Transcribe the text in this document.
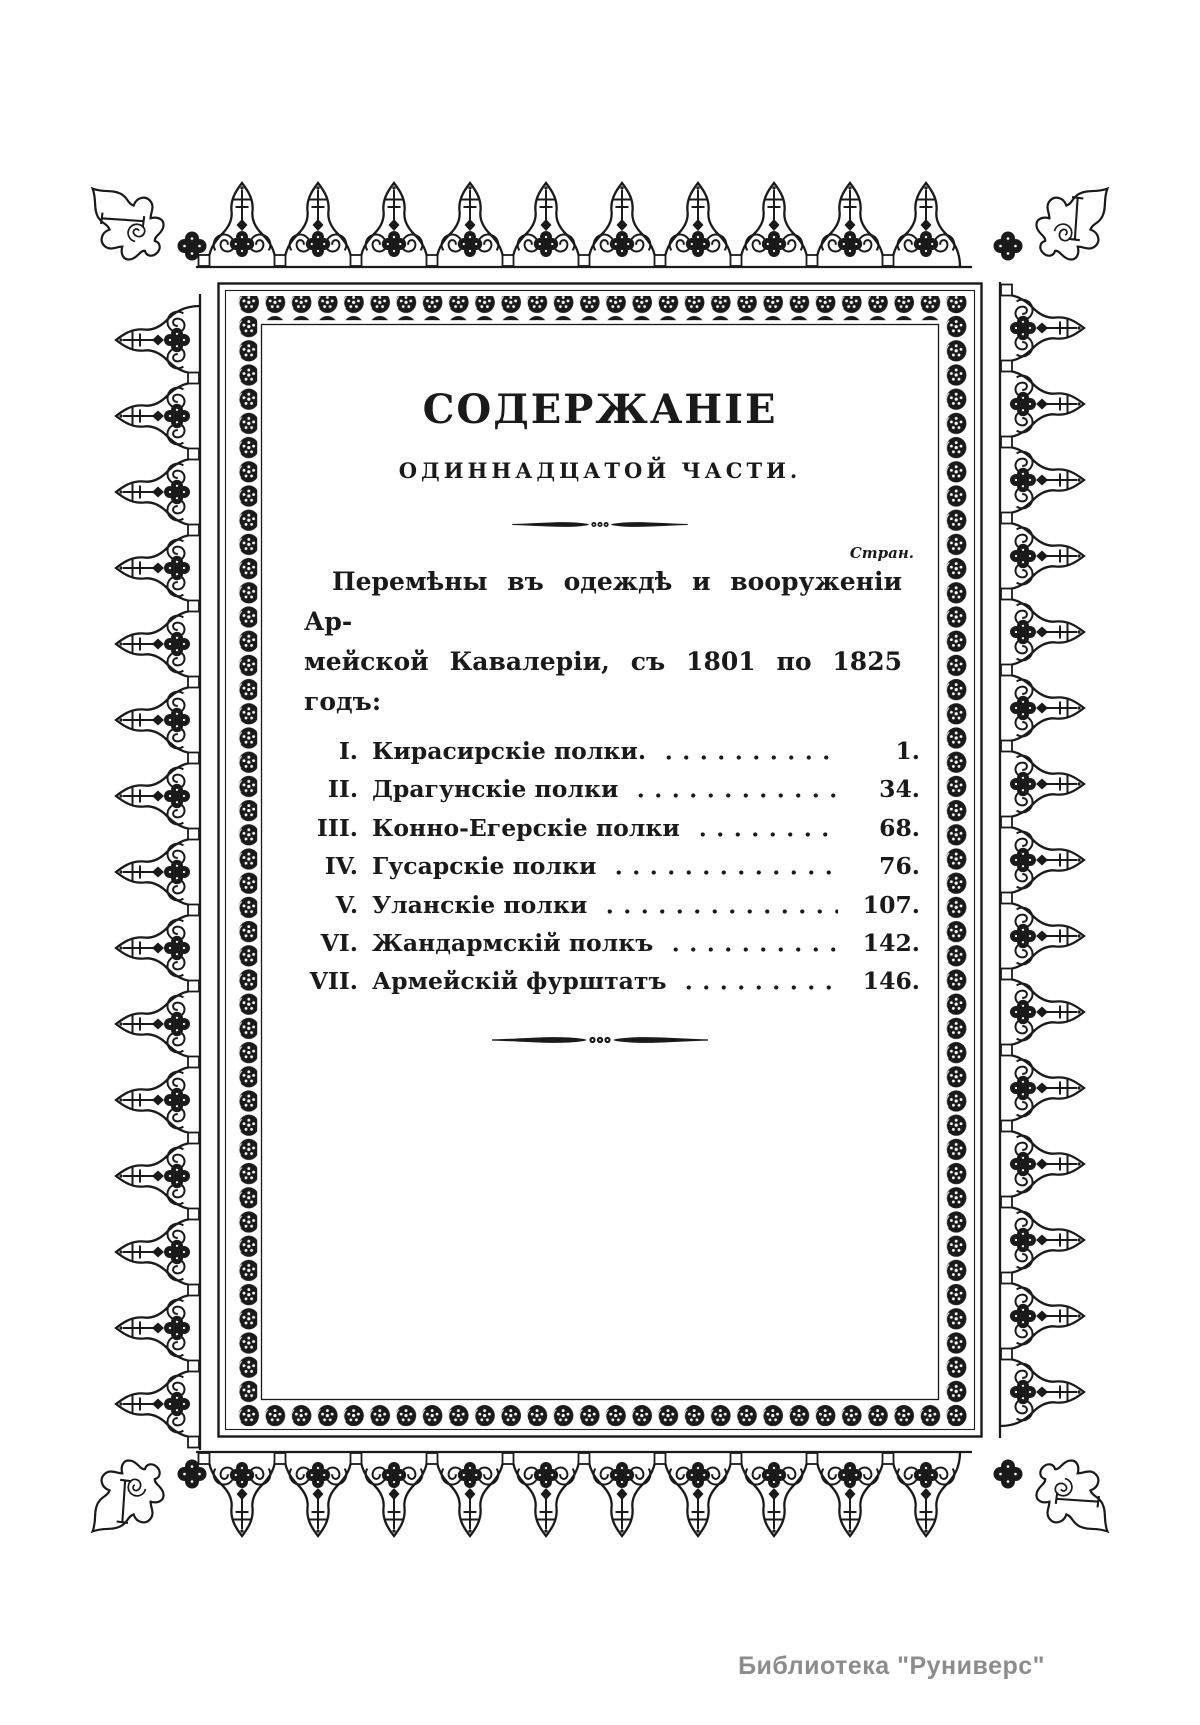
СОДЕРЖАНІЕ
ОДИННАДЦАТОЙ ЧАСТИ.
Стран.
Перемѣны въ одеждѣ и вооруженіи Ар-
мейской Кавалеріи, съ 1801 по 1825 годъ:
I. Кирасирскіе полки.	1.
II. Драгунскіе полки	34.
III. Конно-Егерскіе полки	68.
IV. Гусарскіе полки	76.
V. Уланскіе полки	107.
VI. Жандармскій полкъ	142.
VII. Армейскій фурштатъ	146.
Библиотека "Руниверс"
